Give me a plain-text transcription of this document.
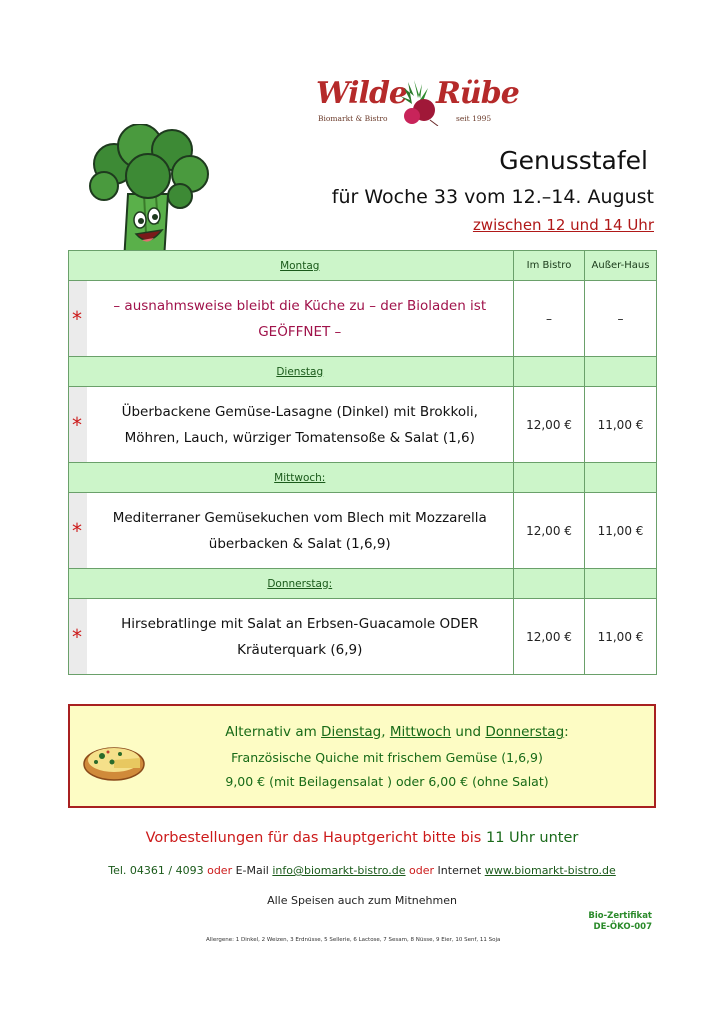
Wilde Rübe
Biomarkt & Bistro	seit 1995
Genusstafel
für Woche 33 vom 12.–14. August
zwischen 12 und 14 Uhr
	Montag	Im Bistro	Außer-Haus

*	– ausnahmsweise bleibt die Küche zu – der Bioladen ist GEÖFFNET –	–	–
	Dienstag		

*	Überbackene Gemüse-Lasagne (Dinkel) mit Brokkoli, Möhren, Lauch, würziger Tomatensoße & Salat (1,6)	12,00 €	11,00 €
	Mittwoch:		

*	Mediterraner Gemüsekuchen vom Blech mit Mozzarella überbacken & Salat (1,6,9)	12,00 €	11,00 €
	Donnerstag:		

*	Hirsebratlinge mit Salat an Erbsen-Guacamole ODER Kräuterquark (6,9)	12,00 €	11,00 €
Alternativ am Dienstag, Mittwoch und Donnerstag:
Französische Quiche mit frischem Gemüse (1,6,9)
9,00 € (mit Beilagensalat ) oder 6,00 € (ohne Salat)
Vorbestellungen für das Hauptgericht bitte bis 11 Uhr unter
Tel. 04361 / 4093 oder E-Mail info@biomarkt-bistro.de oder Internet www.biomarkt-bistro.de
Alle Speisen auch zum Mitnehmen
Bio-Zertifikat
DE-ÖKO-007
Allergene: 1 Dinkel, 2 Weizen, 3 Erdnüsse, 5 Sellerie, 6 Lactose, 7 Sesam, 8 Nüsse, 9 Eier, 10 Senf, 11 Soja
